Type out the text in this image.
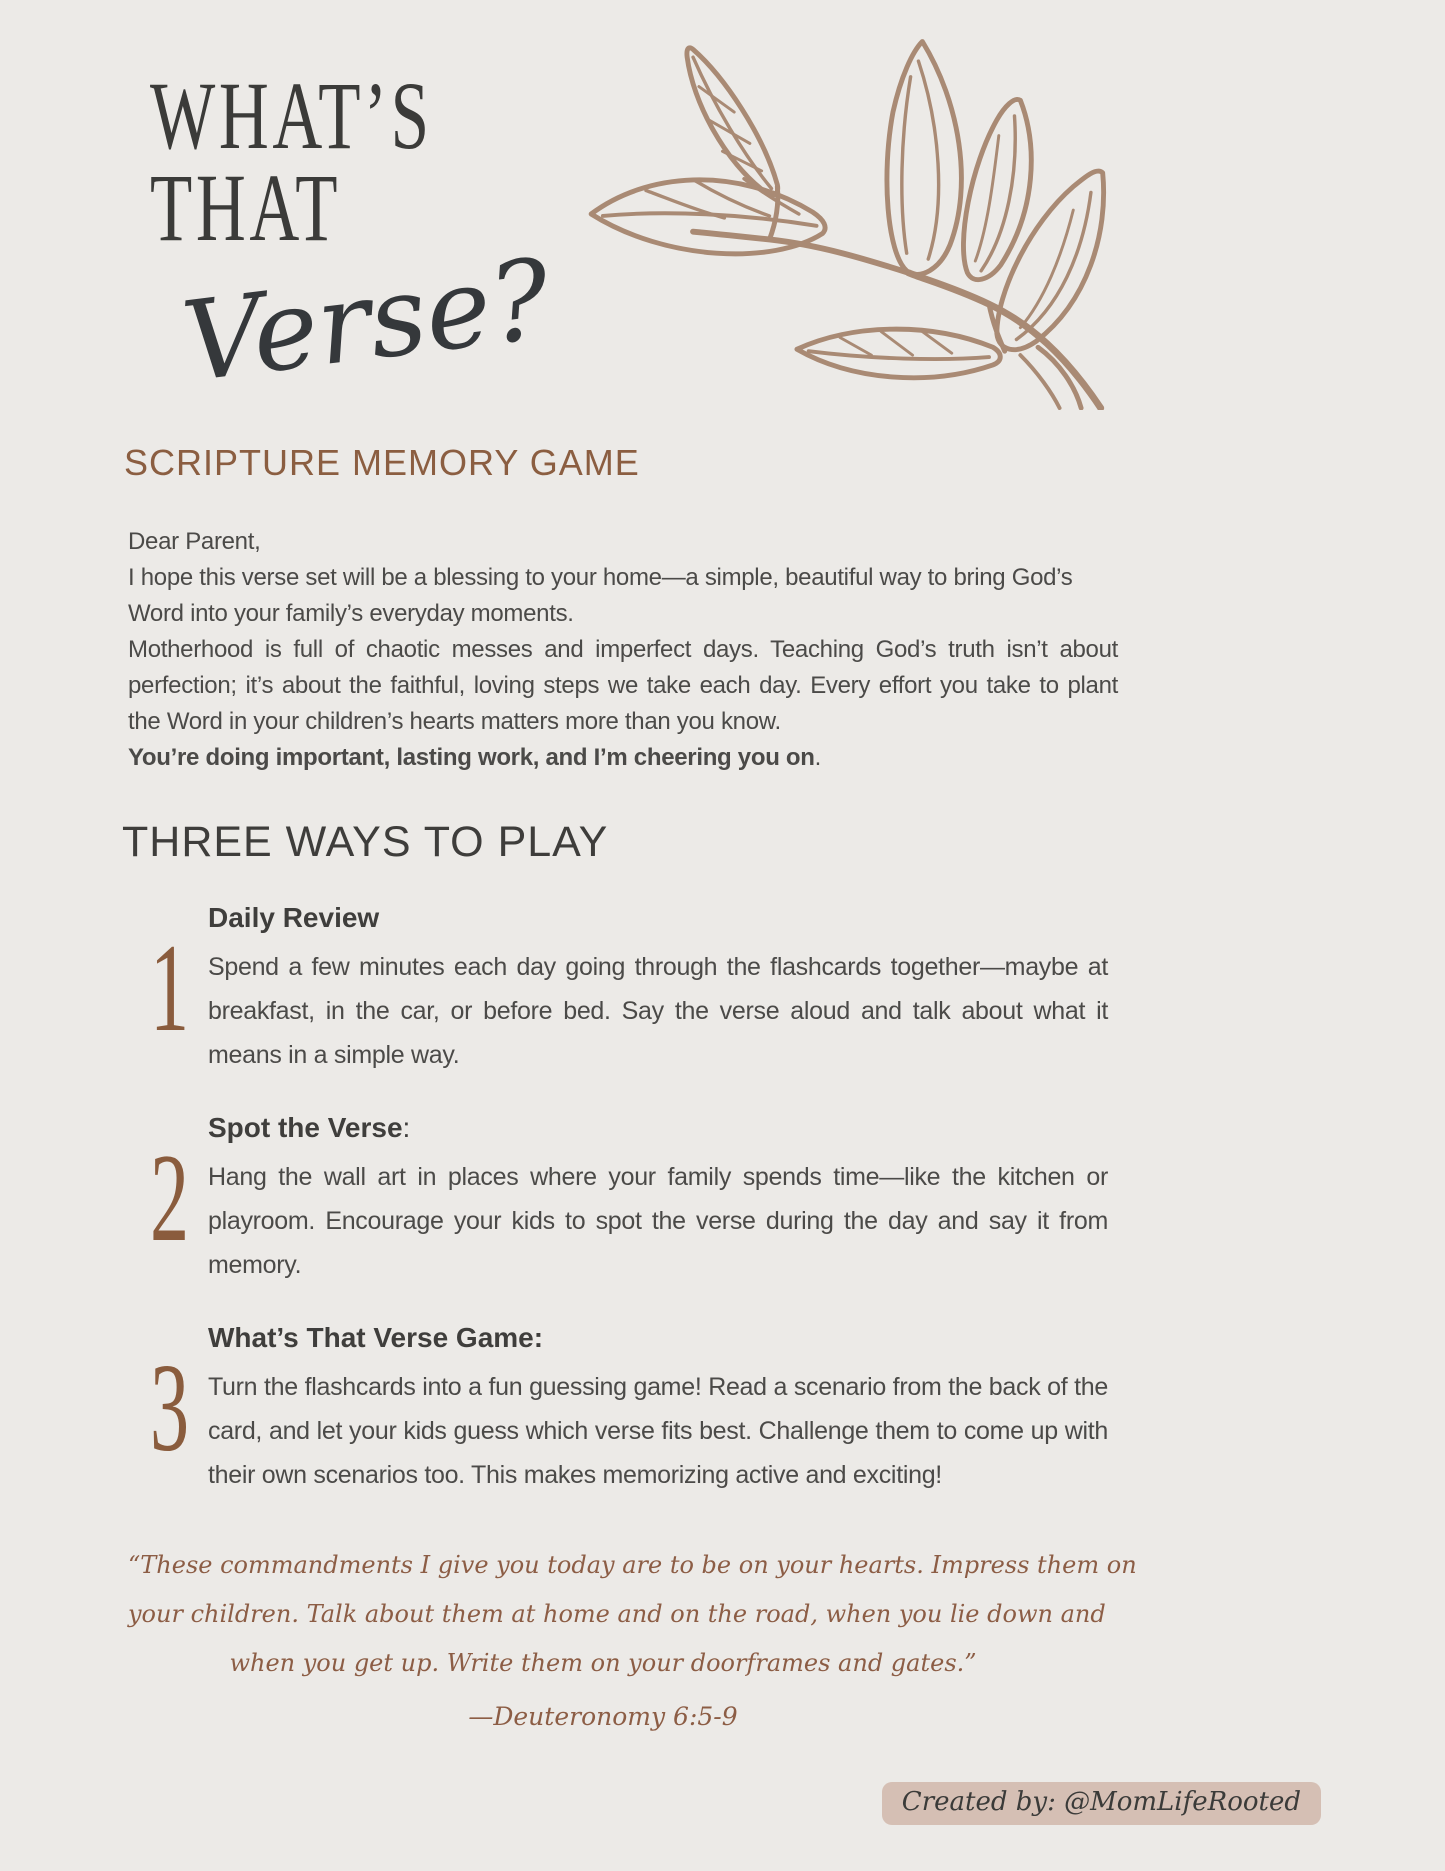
WHAT’S
THAT
Verse?
SCRIPTURE MEMORY GAME

Dear Parent,

I hope this verse set will be a blessing to your home—a simple, beautiful way to bring God’s Word into your family’s everyday moments.

Motherhood is full of chaotic messes and imperfect days. Teaching God’s truth isn’t about perfection; it’s about the faithful, loving steps we take each day. Every effort you take to plant the Word in your children’s hearts matters more than you know.

You’re doing important, lasting work, and I’m cheering you on.

THREE WAYS TO PLAY
1
Daily Review

Spend a few minutes each day going through the flashcards together—maybe at breakfast, in the car, or before bed. Say the verse aloud and talk about what it means in a simple way.

2
Spot the Verse:

Hang the wall art in places where your family spends time—like the kitchen or playroom. Encourage your kids to spot the verse during the day and say it from memory.

3
What’s That Verse Game:

Turn the flashcards into a fun guessing game! Read a scenario from the back of the card, and let your kids guess which verse fits best. Challenge them to come up with their own scenarios too. This makes memorizing active and exciting!

“These commandments I give you today are to be on your hearts. Impress them on
your children. Talk about them at home and on the road, when you lie down and
when you get up. Write them on your doorframes and gates.”
—Deuteronomy 6:5-9
Created by: @MomLifeRooted
